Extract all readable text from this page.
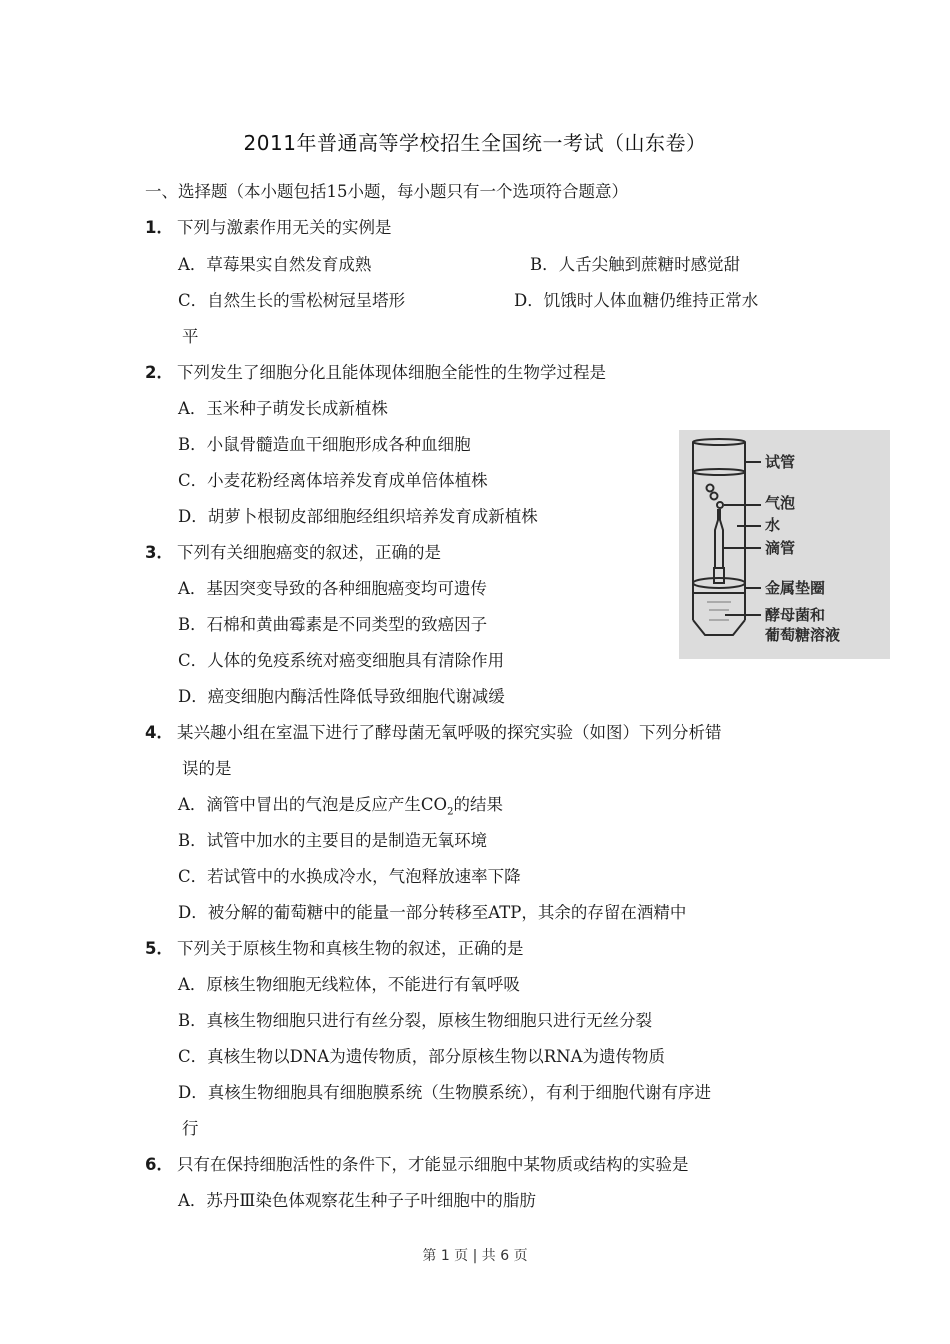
2011年普通高等学校招生全国统一考试（山东卷）
一、选择题（本小题包括15小题，每小题只有一个选项符合题意）
1． 下列与激素作用无关的实例是
A．草莓果实自然发育成熟	B．人舌尖触到蔗糖时感觉甜
C．自然生长的雪松树冠呈塔形	D．饥饿时人体血糖仍维持正常水
平
2． 下列发生了细胞分化且能体现体细胞全能性的生物学过程是
A．玉米种子萌发长成新植株
B．小鼠骨髓造血干细胞形成各种血细胞
C．小麦花粉经离体培养发育成单倍体植株
D．胡萝卜根韧皮部细胞经组织培养发育成新植株
3． 下列有关细胞癌变的叙述，正确的是
A．基因突变导致的各种细胞癌变均可遗传
B．石棉和黄曲霉素是不同类型的致癌因子
C．人体的免疫系统对癌变细胞具有清除作用
D．癌变细胞内酶活性降低导致细胞代谢减缓
4． 某兴趣小组在室温下进行了酵母菌无氧呼吸的探究实验（如图）下列分析错
误的是
A．滴管中冒出的气泡是反应产生$CO_2$的结果
B．试管中加水的主要目的是制造无氧环境
C．若试管中的水换成冷水，气泡释放速率下降
D．被分解的葡萄糖中的能量一部分转移至ATP，其余的存留在酒精中
5． 下列关于原核生物和真核生物的叙述，正确的是
A．原核生物细胞无线粒体，不能进行有氧呼吸
B．真核生物细胞只进行有丝分裂，原核生物细胞只进行无丝分裂
C．真核生物以DNA为遗传物质，部分原核生物以RNA为遗传物质
D．真核生物细胞具有细胞膜系统（生物膜系统），有利于细胞代谢有序进
行
6． 只有在保持细胞活性的条件下，才能显示细胞中某物质或结构的实验是
A．苏丹Ⅲ染色体观察花生种子子叶细胞中的脂肪
试管
气泡
水
滴管
金属垫圈
酵母菌和
葡萄糖溶液
第 1 页 | 共 6 页
